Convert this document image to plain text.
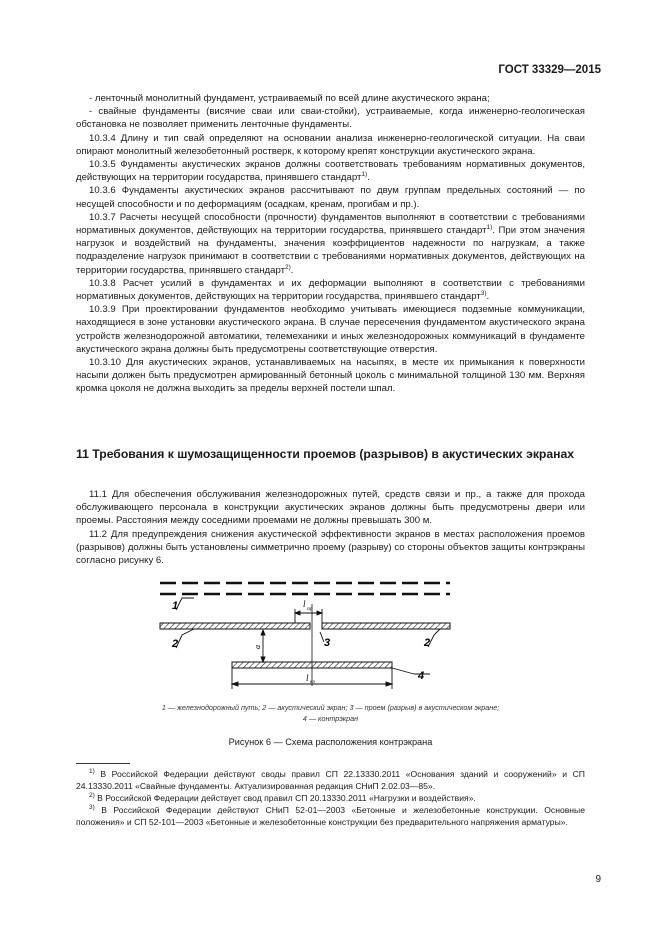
ГОСТ 33329—2015

- ленточный монолитный фундамент, устраиваемый по всей длине акустического экрана;

- свайные фундаменты (висячие сваи или сваи-стойки), устраиваемые, когда инженерно-геологическая обстановка не позволяет применить ленточные фундаменты.

10.3.4 Длину и тип свай определяют на основании анализа инженерно-геологической ситуации. На сваи опирают монолитный железобетонный ростверк, к которому крепят конструкции акустического экрана.

10.3.5 Фундаменты акустических экранов должны соответствовать требованиям нормативных документов, действующих на территории государства, принявшего стандарт$^{1)}$.

10.3.6 Фундаменты акустических экранов рассчитывают по двум группам предельных состояний — по несущей способности и по деформациям (осадкам, кренам, прогибам и пр.).

10.3.7 Расчеты несущей способности (прочности) фундаментов выполняют в соответствии с требованиями нормативных документов, действующих на территории государства, принявшего стандарт$^{1)}$. При этом значения нагрузок и воздействий на фундаменты, значения коэффициентов надежности по нагрузкам, а также подразделение нагрузок принимают в соответствии с требованиями нормативных документов, действующих на территории государства, принявшего стандарт$^{2)}$.

10.3.8 Расчет усилий в фундаментах и их деформации выполняют в соответствии с требованиями нормативных документов, действующих на территории государства, принявшего стандарт$^{3)}$.

10.3.9 При проектировании фундаментов необходимо учитывать имеющиеся подземные коммуникации, находящиеся в зоне установки акустического экрана. В случае пересечения фундаментом акустического экрана устройств железнодорожной автоматики, телемеханики и иных железнодорожных коммуникаций в фундаменте акустического экрана должны быть предусмотрены соответствующие отверстия.

10.3.10 Для акустических экранов, устанавливаемых на насыпях, в месте их примыкания к поверхности насыпи должен быть предусмотрен армированный бетонный цоколь с минимальной толщиной 130 мм. Верхняя кромка цоколя не должна выходить за пределы верхней постели шпал.

11 Требования к шумозащищенности проемов (разрывов) в акустических экранах

11.1 Для обеспечения обслуживания железнодорожных путей, средств связи и пр., а также для прохода обслуживающего персонала в конструкции акустических экранов должны быть предусмотрены двери или проемы. Расстояния между соседними проемами не должны превышать 300 м.

11.2 Для предупреждения снижения акустической эффективности экранов в местах расположения проемов (разрывов) должны быть установлены симметрично проему (разрыву) со стороны объектов защиты контрэкраны согласно рисунку 6.

l пр
a
l кэ
1
2	3	2
4
1 — железнодорожный путь; 2 — акустический экран; 3 — проем (разрыв) в акустическом экране;
4 — контрэкран
Рисунок 6 — Схема расположения контрэкрана

$^{1)}$ В Российской Федерации действуют своды правил СП 22.13330.2011 «Основания зданий и сооружений» и СП 24.13330.2011 «Свайные фундаменты. Актуализированная редакция СНиП 2.02.03—85».

$^{2)}$ В Российской Федерации действует свод правил СП 20.13330.2011 «Нагрузки и воздействия».

$^{3)}$ В Российской Федерации действуют СНиП 52-01—2003 «Бетонные и железобетонные конструкции. Основные положения» и СП 52-101—2003 «Бетонные и железобетонные конструкции без предварительного напряжения арматуры».

9
